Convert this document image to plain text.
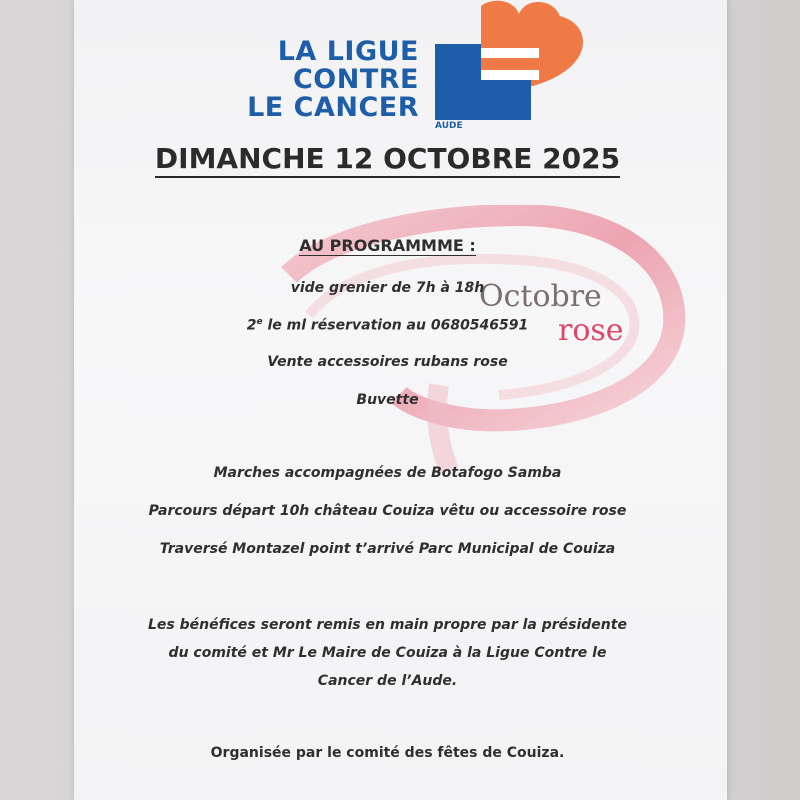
LA LIGUE
CONTRE
LE CANCER
AUDE
DIMANCHE 12 OCTOBRE 2025
Octobre
rose
AU PROGRAMMME :
vide grenier de 7h à 18h
2e le ml réservation au 0680546591
Vente accessoires rubans rose
Buvette
Marches accompagnées de Botafogo Samba
Parcours départ 10h château Couiza vêtu ou accessoire rose
Traversé Montazel point t’arrivé Parc Municipal de Couiza
Les bénéfices seront remis en main propre par la présidente
du comité et Mr Le Maire de Couiza à la Ligue Contre le
Cancer de l’Aude.
Organisée par le comité des fêtes de Couiza.
